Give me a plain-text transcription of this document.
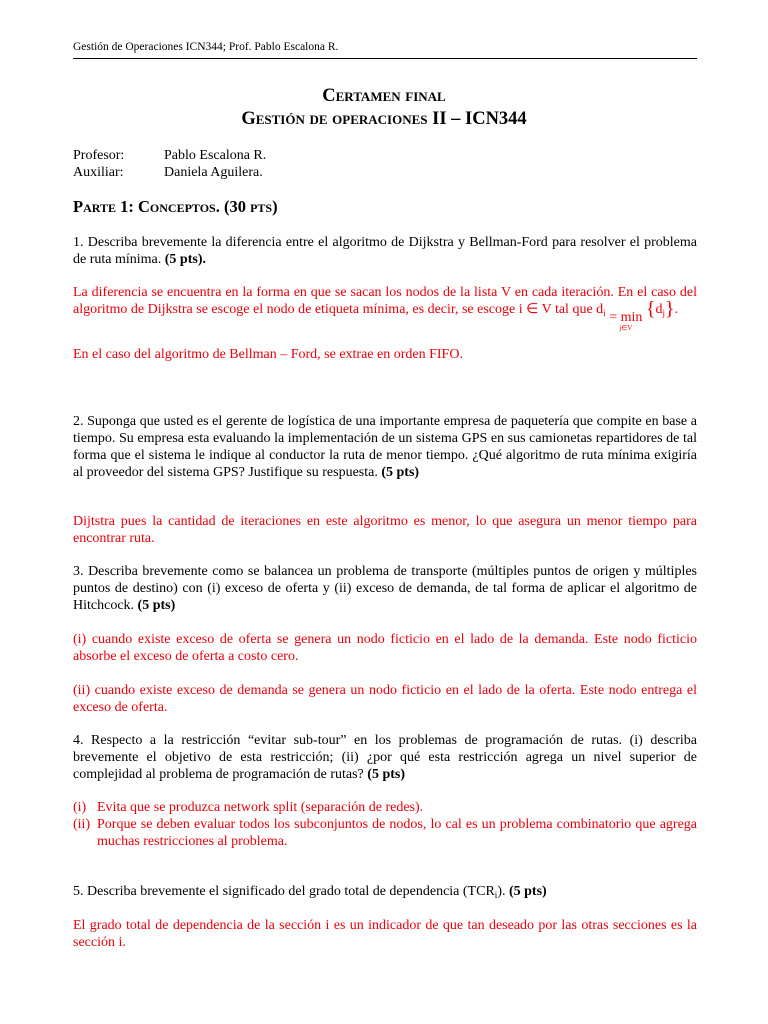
Gestión de Operaciones ICN344; Prof. Pablo Escalona R.
Certamen final
Gestión de operaciones II – ICN344
Profesor:	Pablo Escalona R.
Auxiliar:	Daniela Aguilera.
Parte 1: Conceptos. (30 pts)
1. Describa brevemente la diferencia entre el algoritmo de Dijkstra y Bellman-Ford para resolver el problema de ruta mínima. (5 pts).
La diferencia se encuentra en la forma en que se sacan los nodos de la lista V en cada iteración. En el caso del algoritmo de Dijkstra se escoge el nodo de etiqueta mínima, es decir, se escoge i ∈ V tal que $d_i = \min$
j∈V
$\{d_j\}$.
En el caso del algoritmo de Bellman – Ford, se extrae en orden FIFO.
2. Suponga que usted es el gerente de logística de una importante empresa de paquetería que compite en base a tiempo. Su empresa esta evaluando la implementación de un sistema GPS en sus camionetas repartidores de tal forma que el sistema le indique al conductor la ruta de menor tiempo. ¿Qué algoritmo de ruta mínima exigiría al proveedor del sistema GPS? Justifique su respuesta. (5 pts)
Dijtstra pues la cantidad de iteraciones en este algoritmo es menor, lo que asegura un menor tiempo para encontrar ruta.
3. Describa brevemente como se balancea un problema de transporte (múltiples puntos de origen y múltiples puntos de destino) con (i) exceso de oferta y (ii) exceso de demanda, de tal forma de aplicar el algoritmo de Hitchcock. (5 pts)
(i) cuando existe exceso de oferta se genera un nodo ficticio en el lado de la demanda. Este nodo ficticio absorbe el exceso de oferta a costo cero.
(ii) cuando existe exceso de demanda se genera un nodo ficticio en el lado de la oferta. Este nodo entrega el exceso de oferta.
4. Respecto a la restricción “evitar sub-tour” en los problemas de programación de rutas. (i) describa brevemente el objetivo de esta restricción; (ii) ¿por qué esta restricción agrega un nivel superior de complejidad al problema de programación de rutas? (5 pts)
(i) Evita que se produzca network split (separación de redes).
(ii) Porque se deben evaluar todos los subconjuntos de nodos, lo cal es un problema combinatorio que agrega muchas restricciones al problema.
5. Describa brevemente el significado del grado total de dependencia $(TCR_i)$. (5 pts)
El grado total de dependencia de la sección i es un indicador de que tan deseado por las otras secciones es la sección i.
